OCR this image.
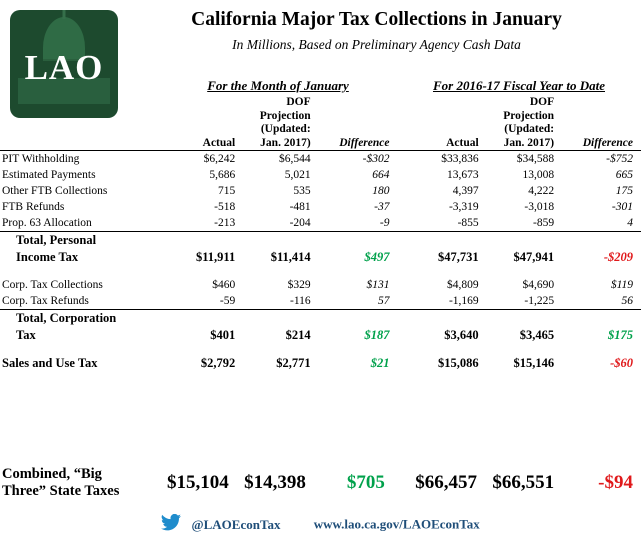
LAO
California Major Tax Collections in January
In Millions, Based on Preliminary Agency Cash Data
For the Month of January	For 2016-17 Fiscal Year to Date
		DOF				DOF	
		Projection				Projection	
		(Updated:				(Updated:	
	Actual	Jan. 2017)	Difference		Actual	Jan. 2017)	Difference
PIT Withholding	$6,242	$6,544	-$302		$33,836	$34,588	-$752
Estimated Payments	5,686	5,021	664		13,673	13,008	665
Other FTB Collections	715	535	180		4,397	4,222	175
FTB Refunds	-518	-481	-37		-3,319	-3,018	-301
Prop. 63 Allocation	-213	-204	-9		-855	-859	4
Total, Personal							
Income Tax	$11,911	$11,414	$497		$47,731	$47,941	-$209

Corp. Tax Collections	$460	$329	$131		$4,809	$4,690	$119
Corp. Tax Refunds	-59	-116	57		-1,169	-1,225	56
Total, Corporation							
Tax	$401	$214	$187		$3,640	$3,465	$175

Sales and Use Tax	$2,792	$2,771	$21		$15,086	$15,146	-$60
Combined, “Big
Three” State Taxes	$15,104	$14,398	$705		$66,457	$66,551	-$94
@LAOEconTax	www.lao.ca.gov/LAOEconTax
